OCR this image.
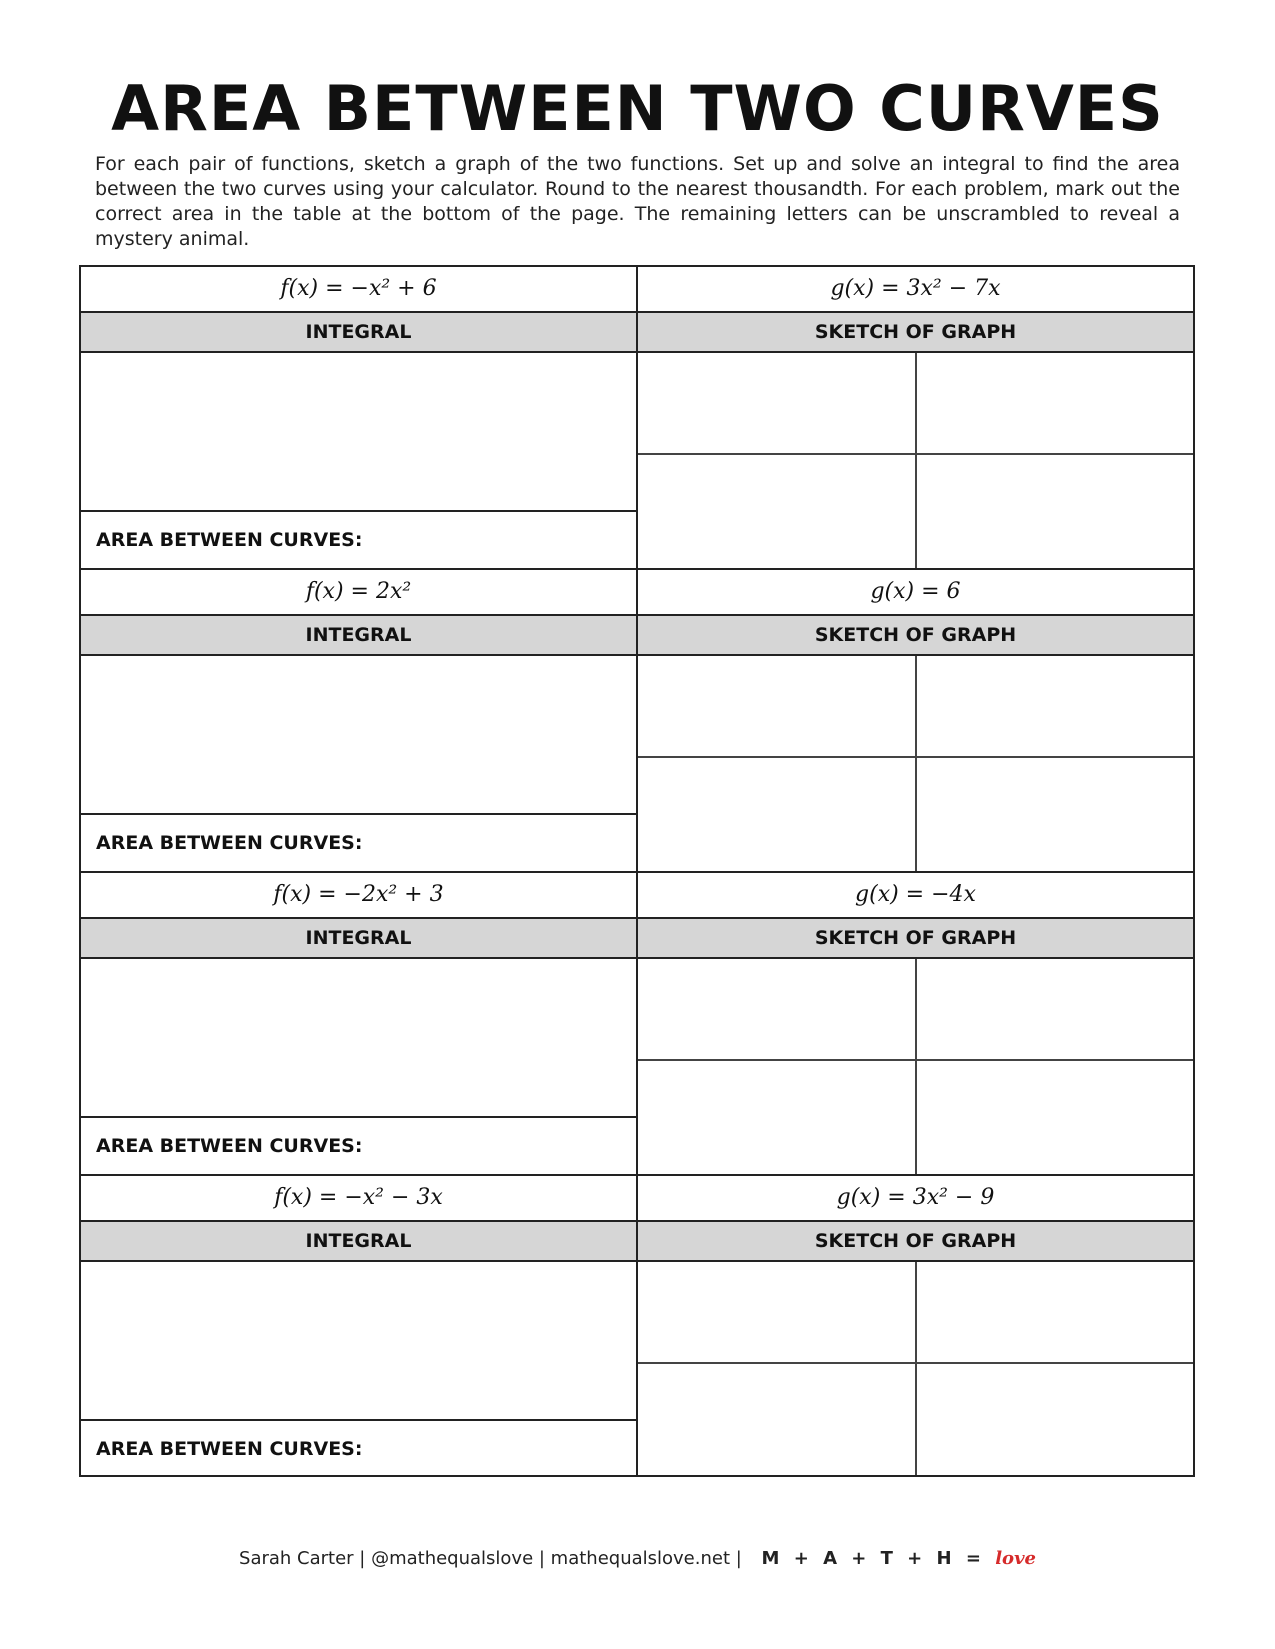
AREA BETWEEN TWO CURVES
For each pair of functions, sketch a graph of the two functions. Set up and solve an integral to find the area between the two curves using your calculator. Round to the nearest thousandth. For each problem, mark out the correct area in the table at the bottom of the page. The remaining letters can be unscrambled to reveal a mystery animal.
f(x) = −x² + 6	g(x) = 3x² − 7x
INTEGRAL	SKETCH OF GRAPH
AREA BETWEEN CURVES:
f(x) = 2x²	g(x) = 6
INTEGRAL	SKETCH OF GRAPH
AREA BETWEEN CURVES:
f(x) = −2x² + 3	g(x) = −4x
INTEGRAL	SKETCH OF GRAPH
AREA BETWEEN CURVES:
f(x) = −x² − 3x	g(x) = 3x² − 9
INTEGRAL	SKETCH OF GRAPH
AREA BETWEEN CURVES:
Sarah Carter | @mathequalslove | mathequalslove.net | M + A + T + H = love
